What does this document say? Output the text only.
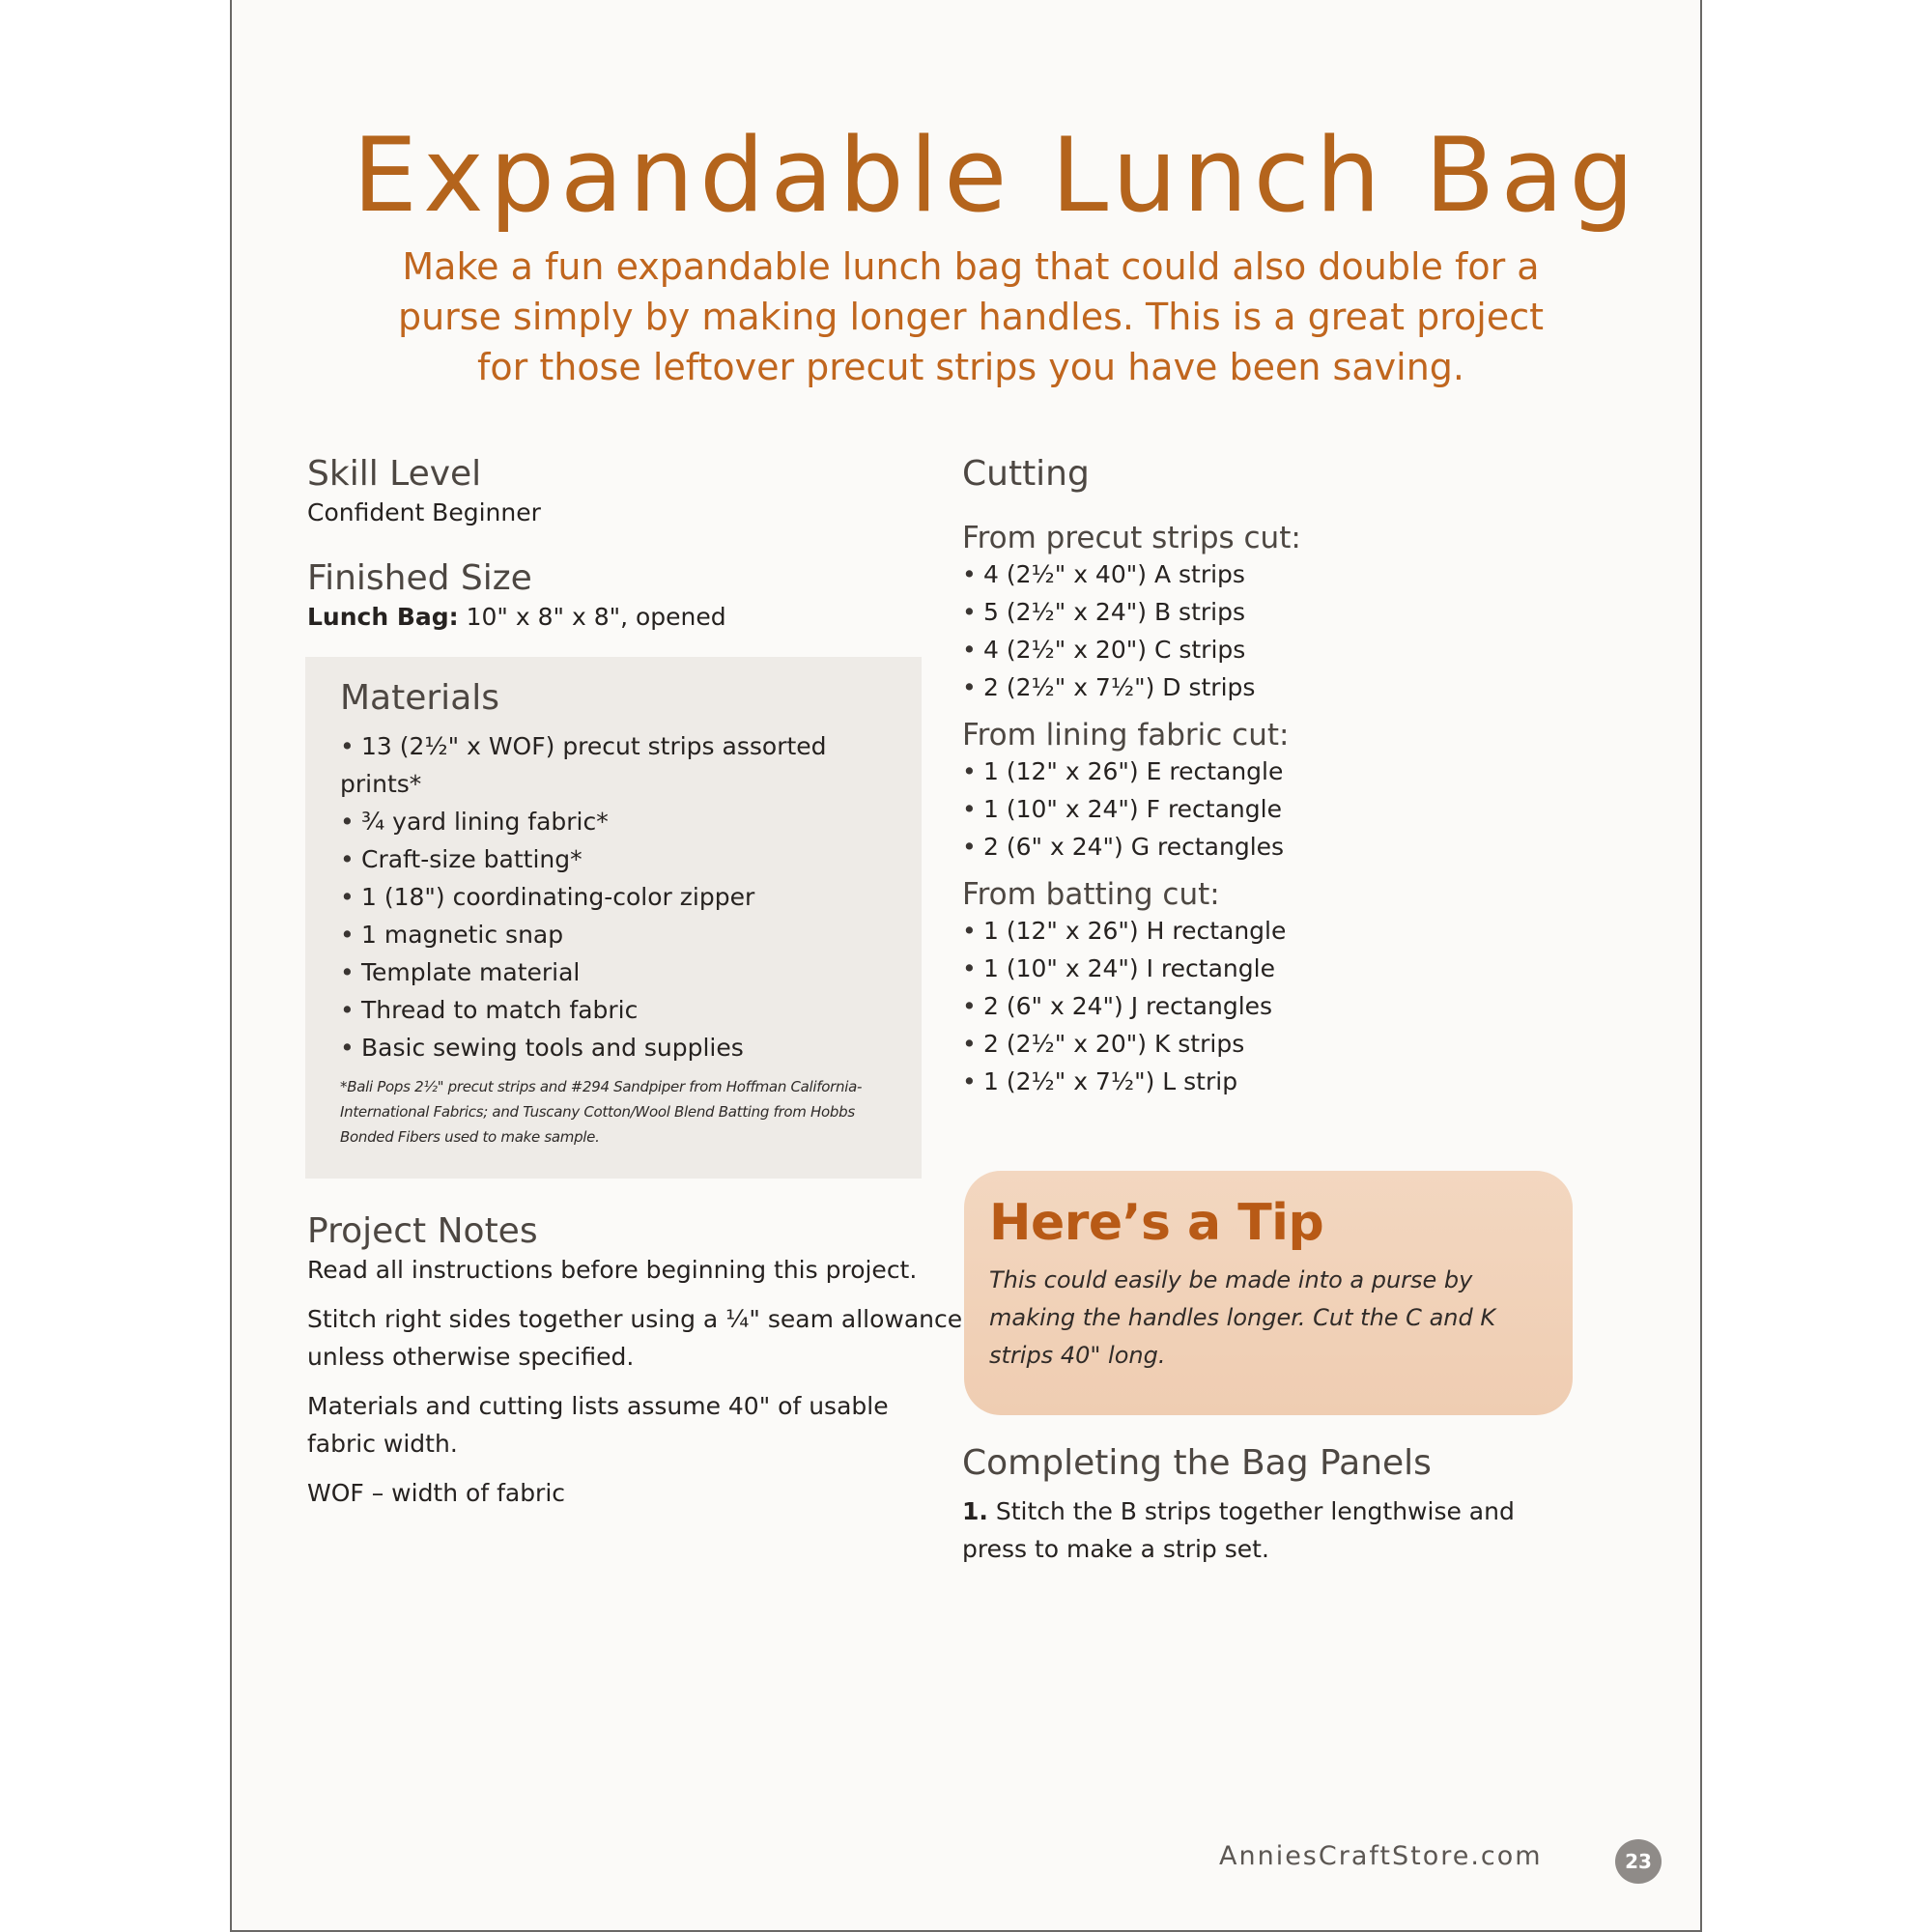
Expandable Lunch Bag
Make a fun expandable lunch bag that could also double for a purse simply by making longer handles. This is a great project for those leftover precut strips you have been saving.
Skill Level

Confident Beginner

Finished Size

Lunch Bag: 10" x 8" x 8", opened

Materials
• 13 (2½" x WOF) precut strips assorted prints*
• ¾ yard lining fabric*
• Craft-size batting*
• 1 (18") coordinating-color zipper
• 1 magnetic snap
• Template material
• Thread to match fabric
• Basic sewing tools and supplies

*Bali Pops 2½" precut strips and #294 Sandpiper from Hoffman California-International Fabrics; and Tuscany Cotton/Wool Blend Batting from Hobbs Bonded Fibers used to make sample.

Project Notes

Read all instructions before beginning this project.

Stitch right sides together using a ¼" seam allowance unless otherwise specified.

Materials and cutting lists assume 40" of usable fabric width.

WOF – width of fabric

Cutting
From precut strips cut:
• 4 (2½" x 40") A strips
• 5 (2½" x 24") B strips
• 4 (2½" x 20") C strips
• 2 (2½" x 7½") D strips
From lining fabric cut:
• 1 (12" x 26") E rectangle
• 1 (10" x 24") F rectangle
• 2 (6" x 24") G rectangles
From batting cut:
• 1 (12" x 26") H rectangle
• 1 (10" x 24") I rectangle
• 2 (6" x 24") J rectangles
• 2 (2½" x 20") K strips
• 1 (2½" x 7½") L strip
Here’s a Tip

This could easily be made into a purse by making the handles longer. Cut the C and K strips 40" long.

Completing the Bag Panels

1. Stitch the B strips together lengthwise and press to make a strip set.

AnniesCraftStore.com	23
